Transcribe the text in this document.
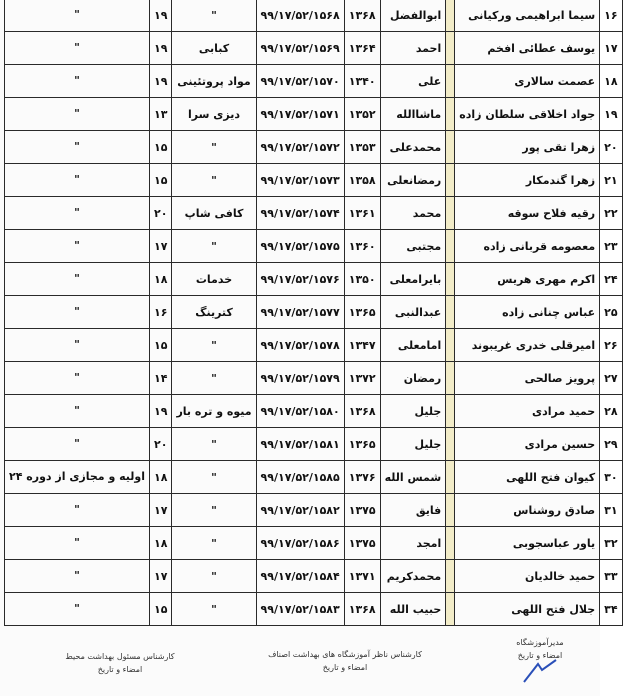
"	۱۹	"	۹۹/۱۷/۵۲/۱۵۶۸	۱۳۶۸	ابوالفضل		سیما ابراهیمی ورکیانی	۱۶
"	۱۹	کبابی	۹۹/۱۷/۵۲/۱۵۶۹	۱۳۶۴	احمد		یوسف عطائی افخم	۱۷
"	۱۹	مواد پروتئینی	۹۹/۱۷/۵۲/۱۵۷۰	۱۳۴۰	علی		عصمت سالاری	۱۸
"	۱۳	دیزی سرا	۹۹/۱۷/۵۲/۱۵۷۱	۱۳۵۲	ماشاالله		جواد اخلاقی سلطان زاده	۱۹
"	۱۵	"	۹۹/۱۷/۵۲/۱۵۷۲	۱۳۵۳	محمدعلی		زهرا تقی پور	۲۰
"	۱۵	"	۹۹/۱۷/۵۲/۱۵۷۳	۱۳۵۸	رمضانعلی		زهرا گندمکار	۲۱
"	۲۰	کافی شاپ	۹۹/۱۷/۵۲/۱۵۷۴	۱۳۶۱	محمد		رقیه فلاح سوقه	۲۲
"	۱۷	"	۹۹/۱۷/۵۲/۱۵۷۵	۱۳۶۰	مجتبی		معصومه قربانی زاده	۲۳
"	۱۸	خدمات	۹۹/۱۷/۵۲/۱۵۷۶	۱۳۵۰	بایرامعلی		اکرم مهری هریس	۲۴
"	۱۶	کترینگ	۹۹/۱۷/۵۲/۱۵۷۷	۱۳۶۵	عبدالنبی		عباس چنانی زاده	۲۵
"	۱۵	"	۹۹/۱۷/۵۲/۱۵۷۸	۱۳۴۷	امامعلی		امیرقلی خدری غریبوند	۲۶
"	۱۴	"	۹۹/۱۷/۵۲/۱۵۷۹	۱۳۷۲	رمضان		پرویز صالحی	۲۷
"	۱۹	میوه و تره بار	۹۹/۱۷/۵۲/۱۵۸۰	۱۳۶۸	جلیل		حمید مرادی	۲۸
"	۲۰	"	۹۹/۱۷/۵۲/۱۵۸۱	۱۳۶۵	جلیل		حسین مرادی	۲۹
اولیه و مجازی از دوره ۲۴	۱۸	"	۹۹/۱۷/۵۲/۱۵۸۵	۱۳۷۶	شمس الله		کیوان فتح اللهی	۳۰
"	۱۷	"	۹۹/۱۷/۵۲/۱۵۸۲	۱۳۷۵	فایق		صادق روشناس	۳۱
"	۱۸	"	۹۹/۱۷/۵۲/۱۵۸۶	۱۳۷۵	امجد		یاور عباسجوبی	۳۲
"	۱۷	"	۹۹/۱۷/۵۲/۱۵۸۴	۱۳۷۱	محمدکریم		حمید خالدیان	۳۳
"	۱۵	"	۹۹/۱۷/۵۲/۱۵۸۳	۱۳۶۸	حبیب الله		جلال فتح اللهی	۳۴
کارشناس مسئول بهداشت محیط
امضاء و تاریخ
کارشناس ناظر آموزشگاه های بهداشت اصناف
امضاء و تاریخ
مدیرآموزشگاه
امضاء و تاریخ
